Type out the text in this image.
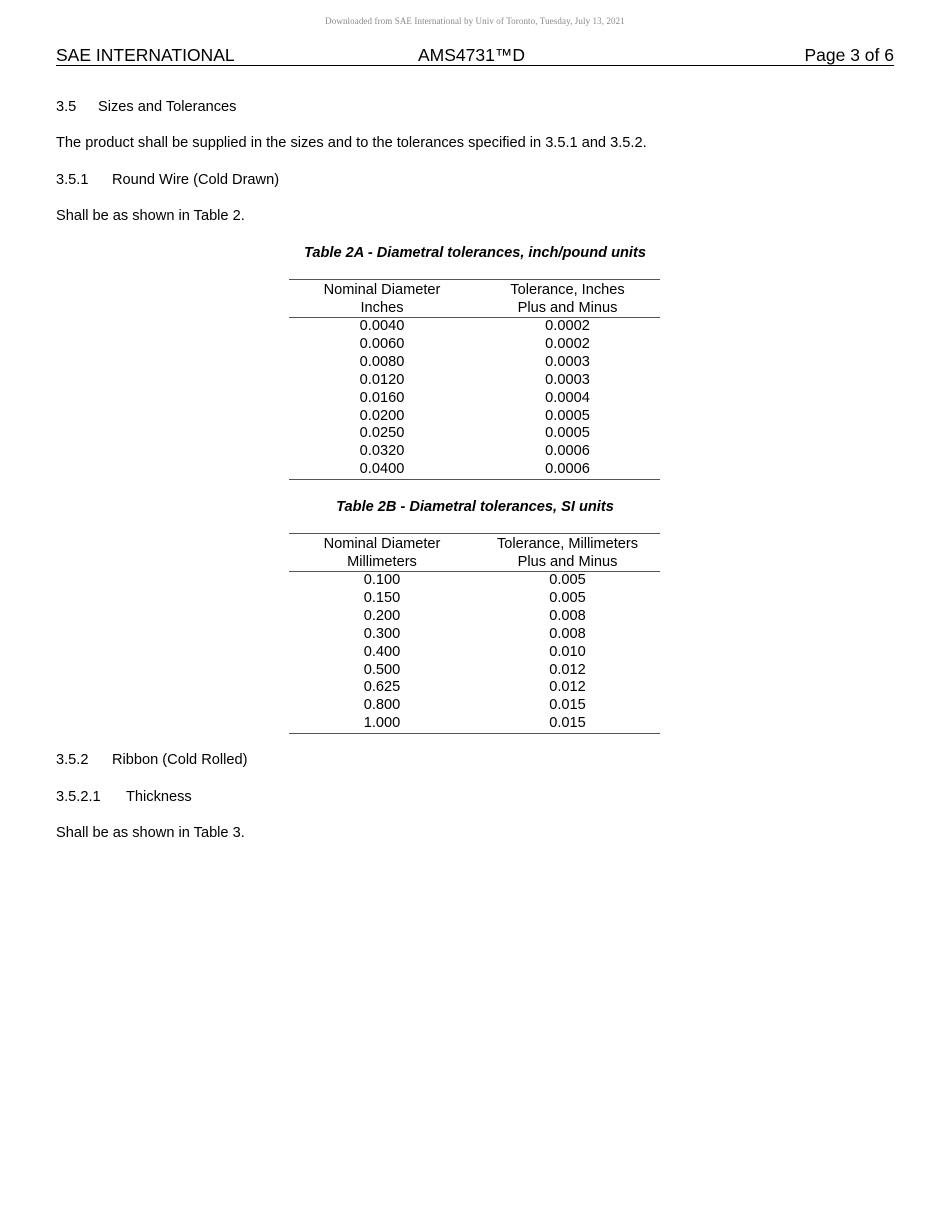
Downloaded from SAE International by Univ of Toronto, Tuesday, July 13, 2021
SAE INTERNATIONAL	AMS4731™D	Page 3 of 6
3.5 Sizes and Tolerances
The product shall be supplied in the sizes and to the tolerances specified in 3.5.1 and 3.5.2.
3.5.1 Round Wire (Cold Drawn)
Shall be as shown in Table 2.
Table 2A - Diametral tolerances, inch/pound units
Nominal Diameter	Tolerance, Inches
Inches	Plus and Minus
0.0040	0.0002
0.0060	0.0002
0.0080	0.0003
0.0120	0.0003
0.0160	0.0004
0.0200	0.0005
0.0250	0.0005
0.0320	0.0006
0.0400	0.0006
Table 2B - Diametral tolerances, SI units
Nominal Diameter	Tolerance, Millimeters
Millimeters	Plus and Minus
0.100	0.005
0.150	0.005
0.200	0.008
0.300	0.008
0.400	0.010
0.500	0.012
0.625	0.012
0.800	0.015
1.000	0.015
3.5.2 Ribbon (Cold Rolled)
3.5.2.1 Thickness
Shall be as shown in Table 3.
